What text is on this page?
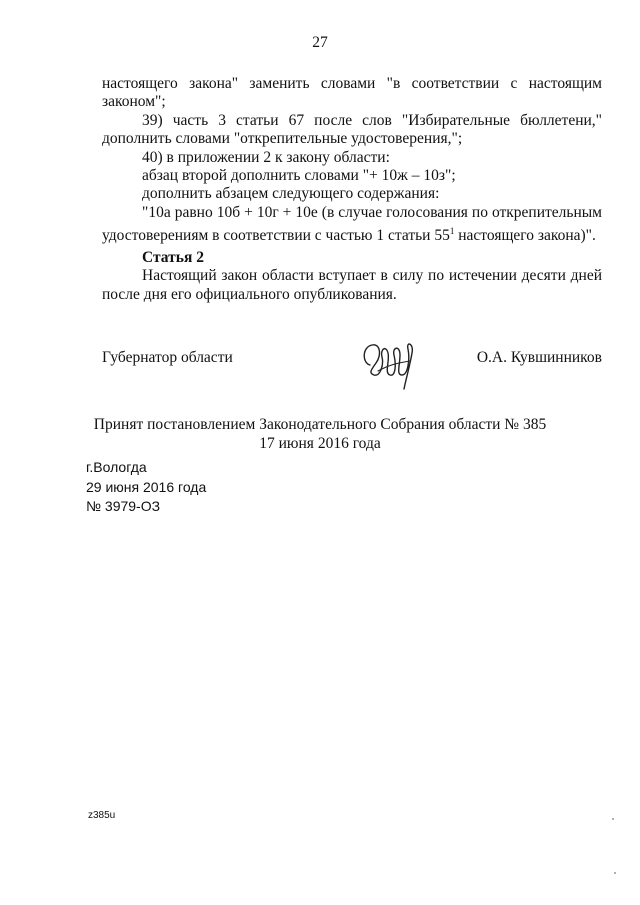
27
настоящего закона" заменить словами "в соответствии с настоящим
законом";
39) часть 3 статьи 67 после слов "Избирательные бюллетени,"
дополнить словами "открепительные удостоверения,";
40) в приложении 2 к закону области:
абзац второй дополнить словами "+ 10ж – 10з";
дополнить абзацем следующего содержания:
"10а равно 10б + 10г + 10е (в случае голосования по открепительным
удостоверениям в соответствии с частью 1 статьи $55^1$ настоящего закона)".
Статья 2
Настоящий закон области вступает в силу по истечении десяти дней
после дня его официального опубликования.
Губернатор области	О.А. Кувшинников
Принят постановлением Законодательного Собрания области № 385
17 июня 2016 года
г.Вологда
29 июня 2016 года
№ 3979-ОЗ
z385u
